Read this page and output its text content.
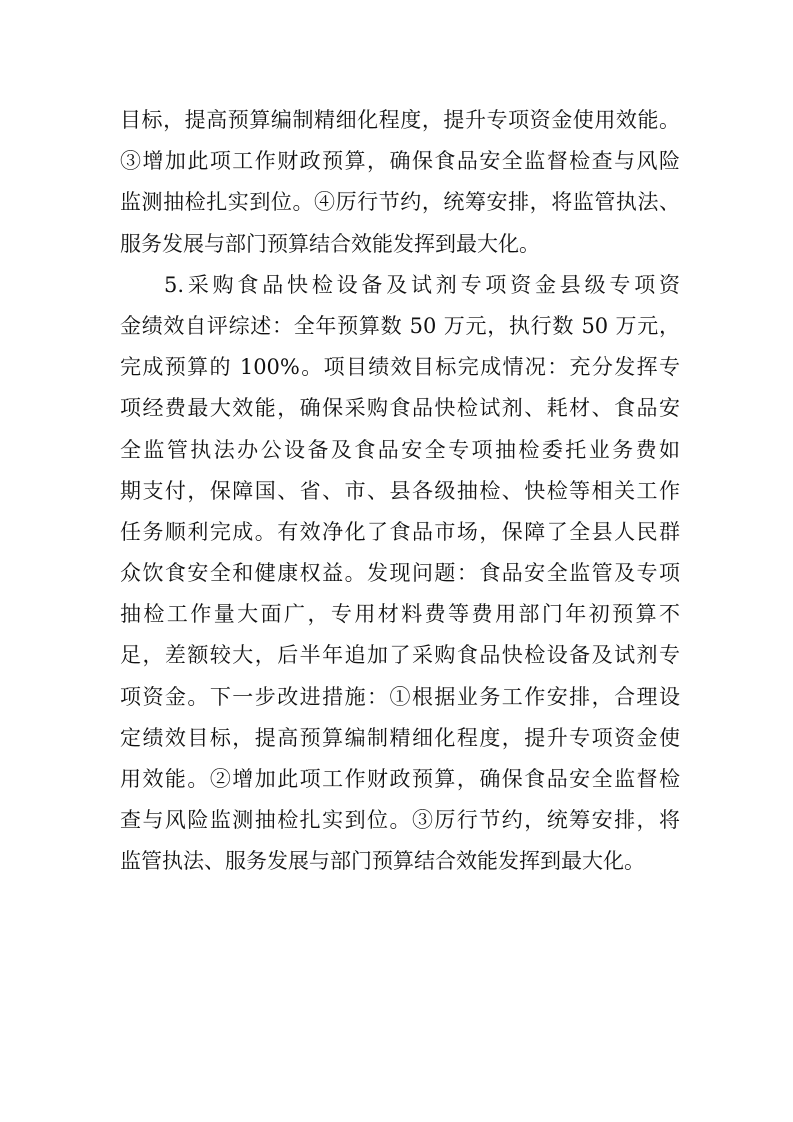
目标，提高预算编制精细化程度，提升专项资金使用效能。
③增加此项工作财政预算，确保食品安全监督检查与风险
监测抽检扎实到位。④厉行节约，统筹安排，将监管执法、
服务发展与部门预算结合效能发挥到最大化。
5.采购食品快检设备及试剂专项资金县级专项资
金绩效自评综述：全年预算数 50 万元，执行数 50 万元，
完成预算的 100%。项目绩效目标完成情况：充分发挥专
项经费最大效能，确保采购食品快检试剂、耗材、食品安
全监管执法办公设备及食品安全专项抽检委托业务费如
期支付，保障国、省、市、县各级抽检、快检等相关工作
任务顺利完成。有效净化了食品市场，保障了全县人民群
众饮食安全和健康权益。发现问题：食品安全监管及专项
抽检工作量大面广，专用材料费等费用部门年初预算不
足，差额较大，后半年追加了采购食品快检设备及试剂专
项资金。下一步改进措施：①根据业务工作安排，合理设
定绩效目标，提高预算编制精细化程度，提升专项资金使
用效能。②增加此项工作财政预算，确保食品安全监督检
查与风险监测抽检扎实到位。③厉行节约，统筹安排，将
监管执法、服务发展与部门预算结合效能发挥到最大化。
